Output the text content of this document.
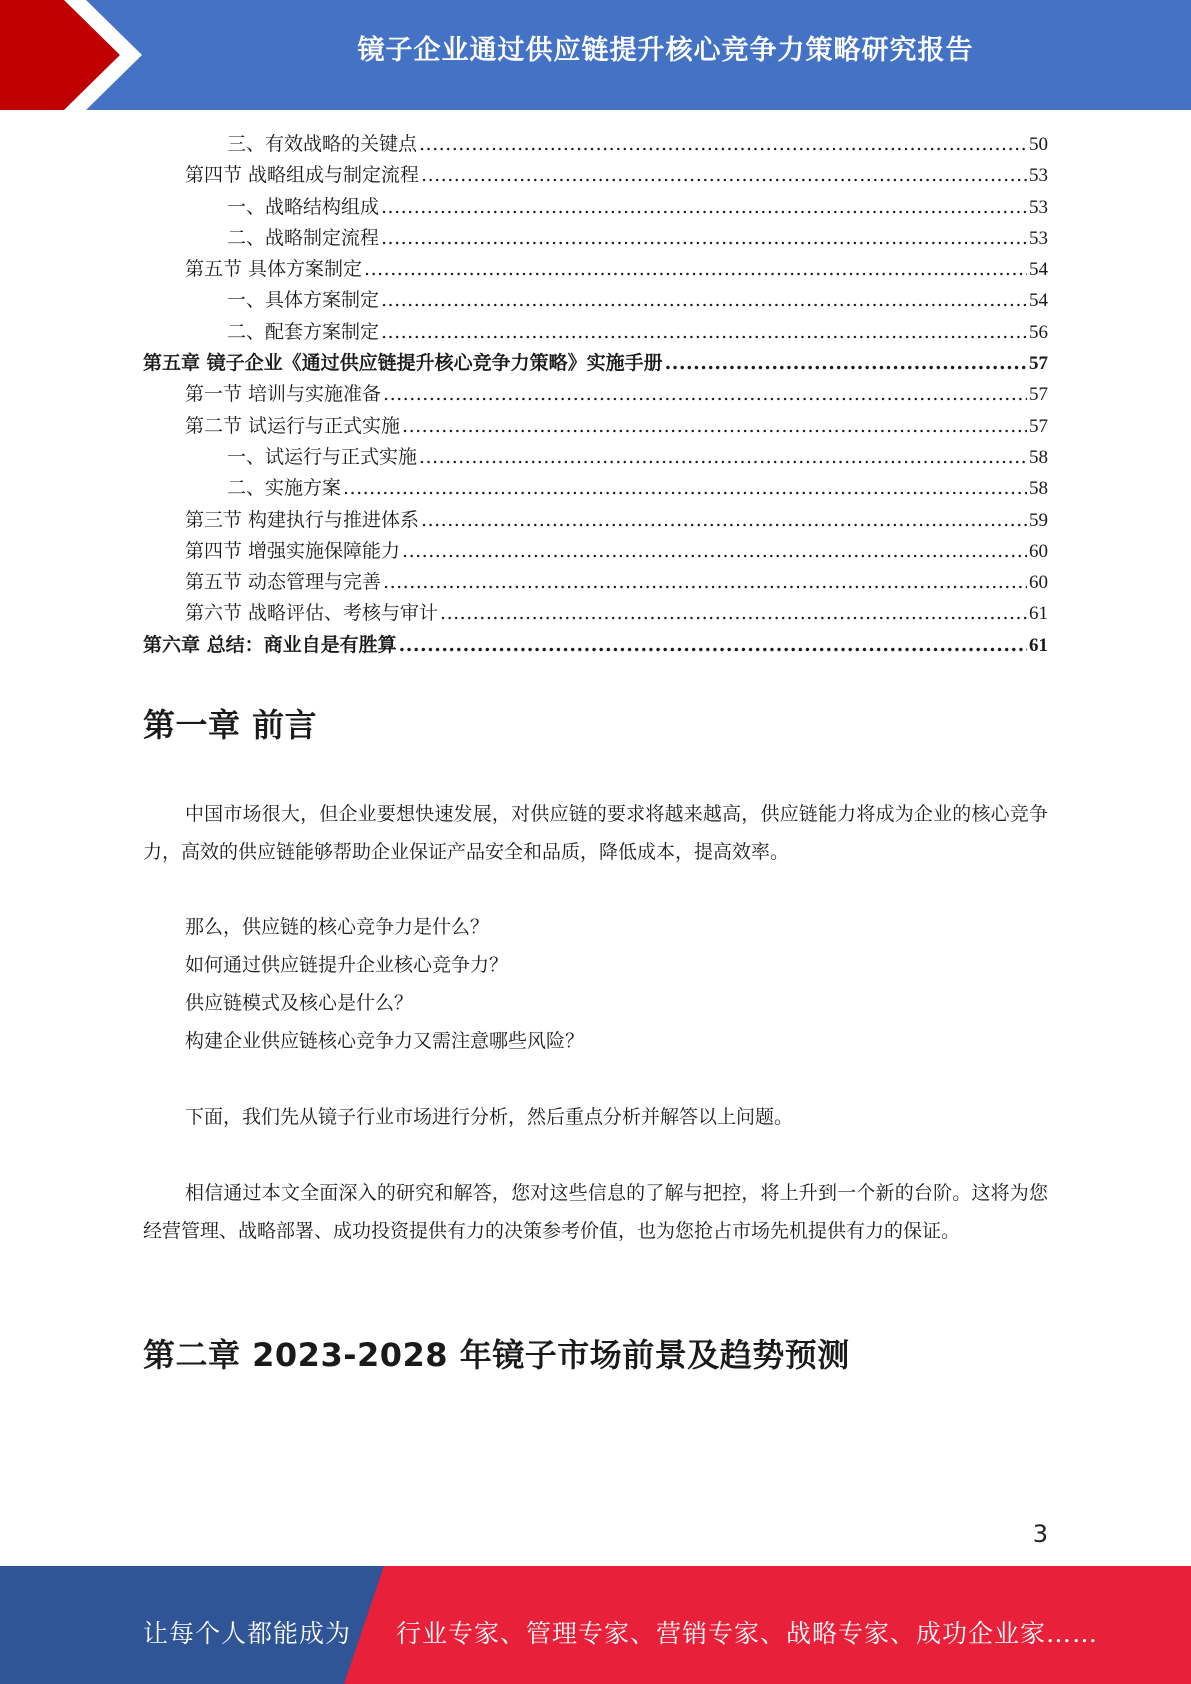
镜子企业通过供应链提升核心竞争力策略研究报告
三、有效战略的关键点 .....	50
第四节 战略组成与制定流程 .....	53
一、战略结构组成 .....	53
二、战略制定流程 .....	53
第五节 具体方案制定 .....	54
一、具体方案制定 .....	54
二、配套方案制定 .....	56
第五章 镜子企业《通过供应链提升核心竞争力策略》实施手册 .....	57
第一节 培训与实施准备 .....	57
第二节 试运行与正式实施 .....	57
一、试运行与正式实施 .....	58
二、实施方案 .....	58
第三节 构建执行与推进体系 .....	59
第四节 增强实施保障能力 .....	60
第五节 动态管理与完善 .....	60
第六节 战略评估、考核与审计 .....	61
第六章 总结：商业自是有胜算 .....	61
第一章 前言

中国市场很大，但企业要想快速发展，对供应链的要求将越来越高，供应链能力将成为企业的核心竞争力，高效的供应链能够帮助企业保证产品安全和品质，降低成本，提高效率。

那么，供应链的核心竞争力是什么？
如何通过供应链提升企业核心竞争力？
供应链模式及核心是什么？
构建企业供应链核心竞争力又需注意哪些风险？

下面，我们先从镜子行业市场进行分析，然后重点分析并解答以上问题。

相信通过本文全面深入的研究和解答，您对这些信息的了解与把控，将上升到一个新的台阶。这将为您经营管理、战略部署、成功投资提供有力的决策参考价值，也为您抢占市场先机提供有力的保证。

第二章 2023-2028 年镜子市场前景及趋势预测
3
让每个人都能成为 行业专家、管理专家、营销专家、战略专家、成功企业家……
